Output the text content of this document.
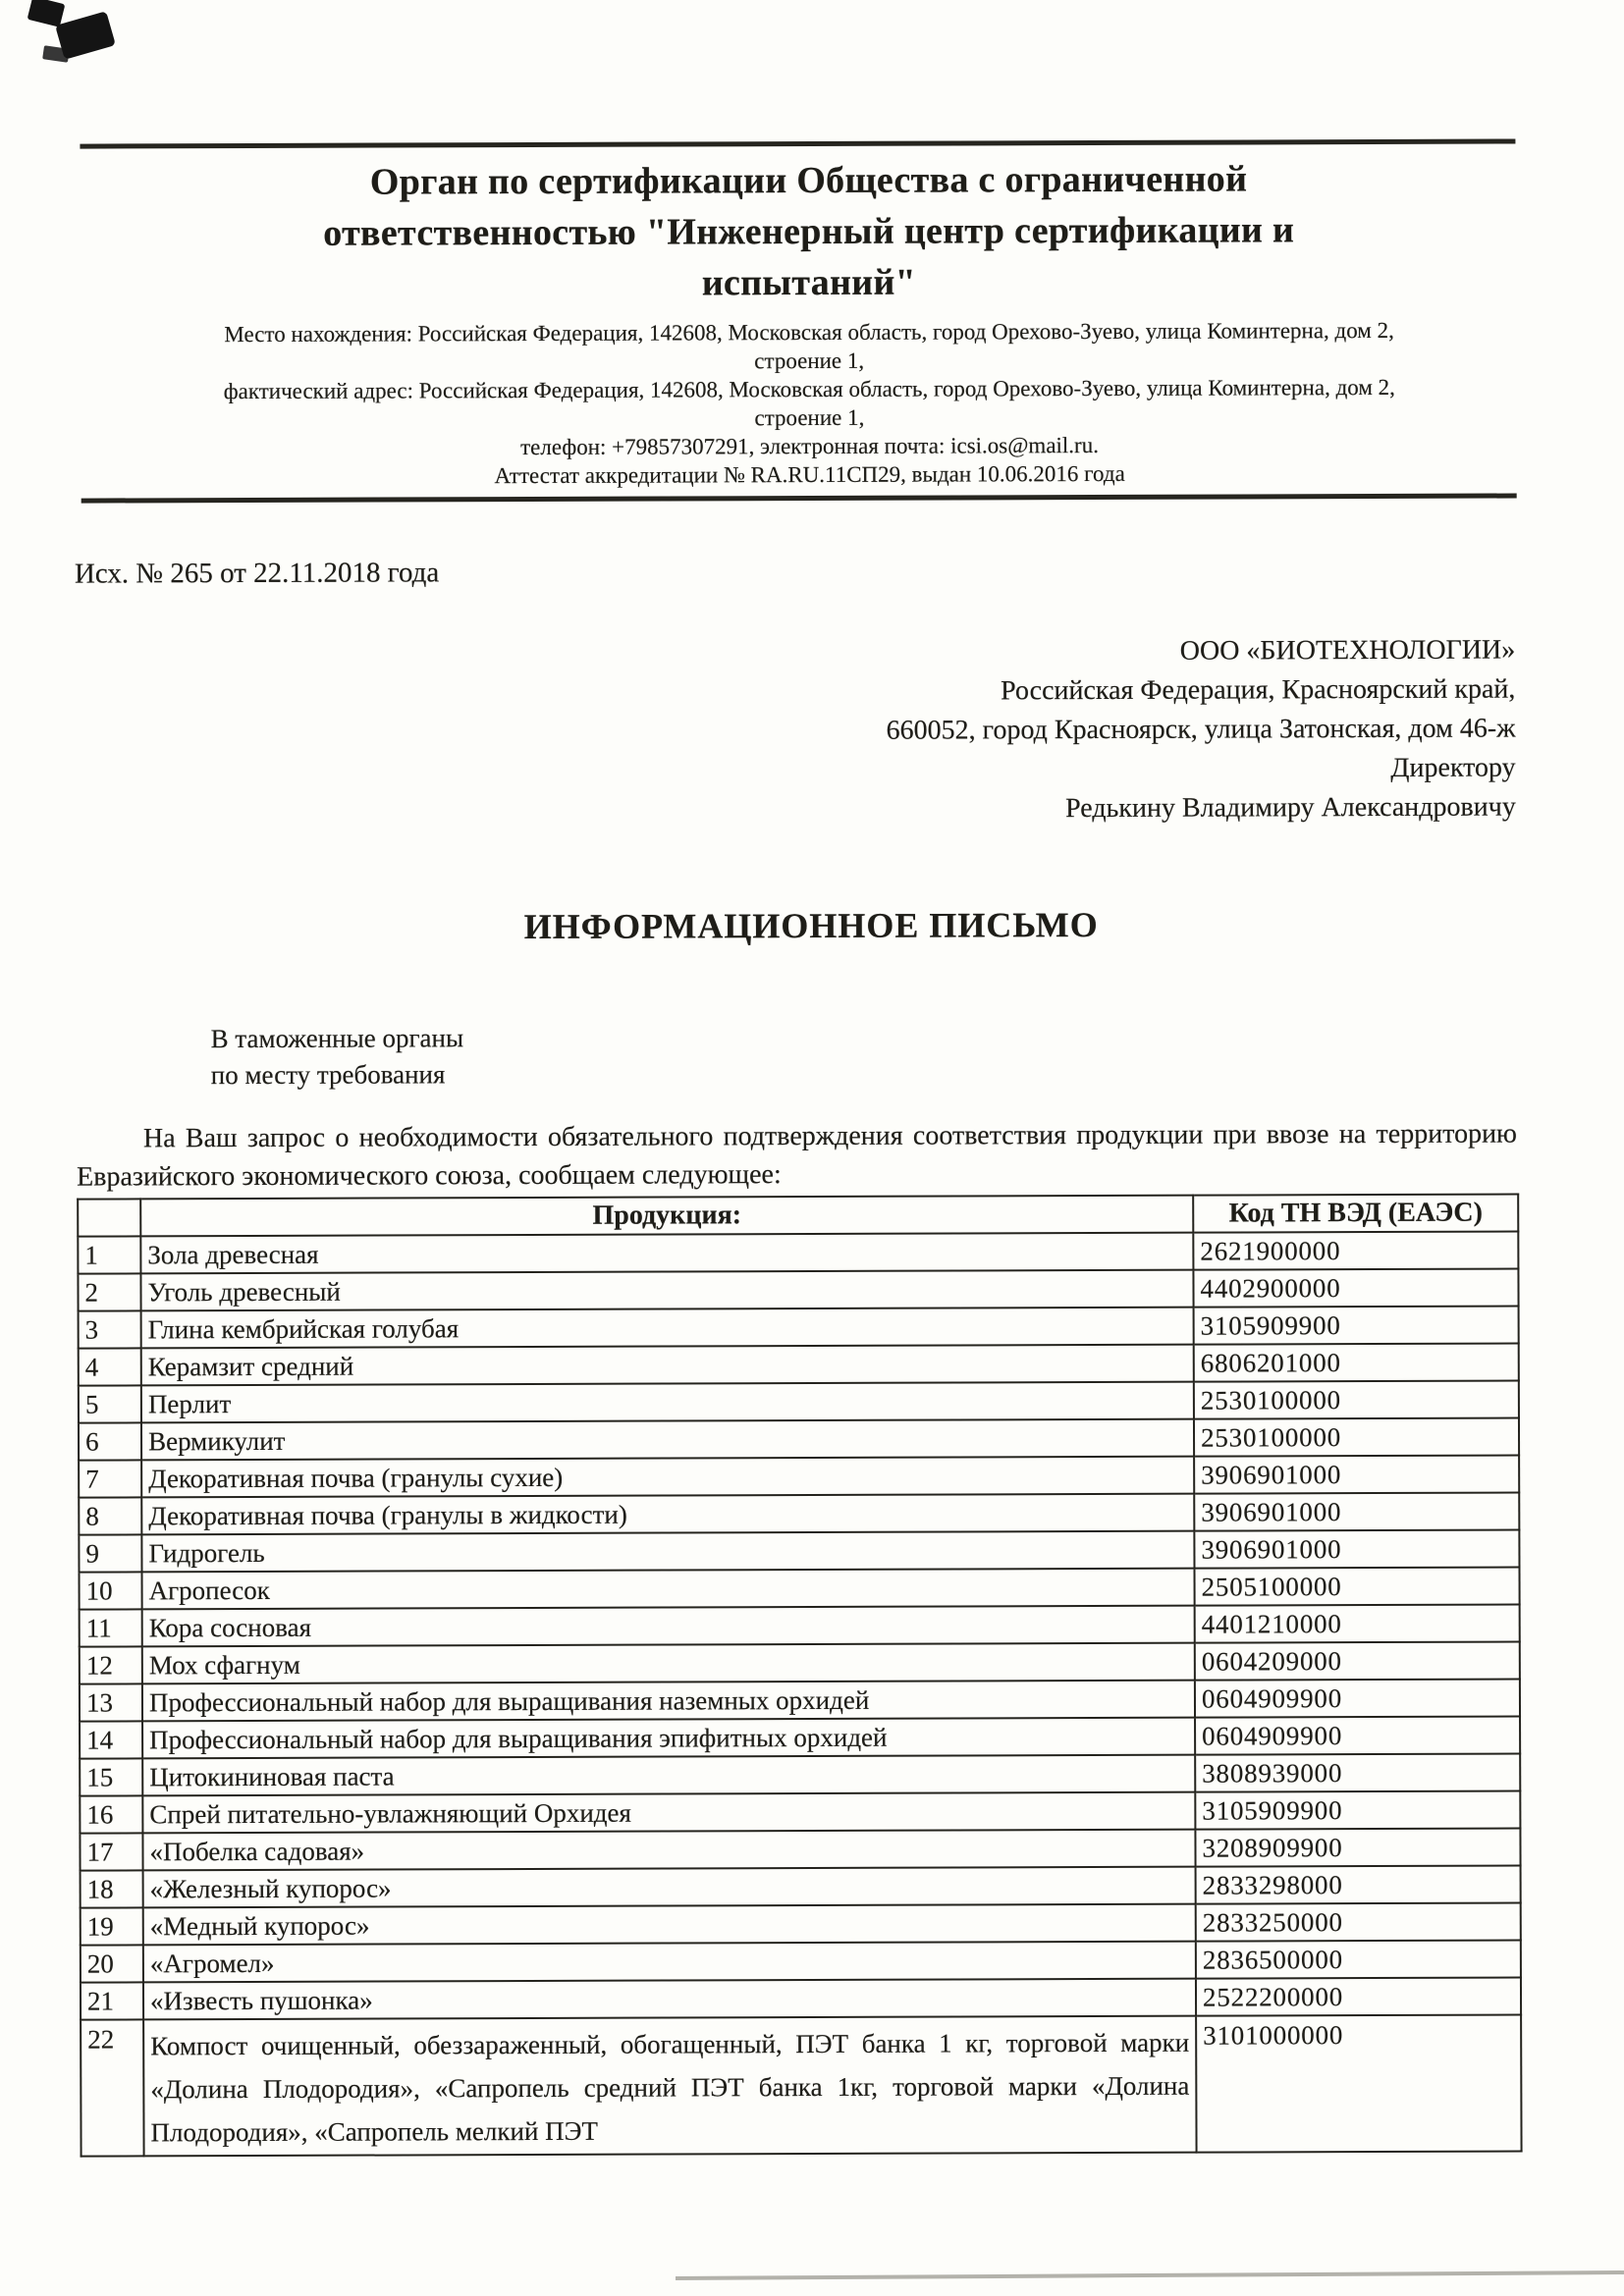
Орган по сертификации Общества с ограниченной
ответственностью "Инженерный центр сертификации и
испытаний"
Место нахождения: Российская Федерация, 142608, Московская область, город Орехово-Зуево, улица Коминтерна, дом 2,
строение 1,
фактический адрес: Российская Федерация, 142608, Московская область, город Орехово-Зуево, улица Коминтерна, дом 2,
строение 1,
телефон: +79857307291, электронная почта: icsi.os@mail.ru.
Аттестат аккредитации № RA.RU.11СП29, выдан 10.06.2016 года
Исх. № 265 от 22.11.2018 года
ООО «БИОТЕХНОЛОГИИ»
Российская Федерация, Красноярский край,
660052, город Красноярск, улица Затонская, дом 46-ж
Директору
Редькину Владимиру Александровичу
ИНФОРМАЦИОННОЕ ПИСЬМО
В таможенные органы
по месту требования
На Ваш запрос о необходимости обязательного подтверждения соответствия продукции при ввозе на территорию Евразийского экономического союза, сообщаем следующее:
	Продукция:	Код ТН ВЭД (ЕАЭС)
1	Зола древесная	2621900000
2	Уголь древесный	4402900000
3	Глина кембрийская голубая	3105909900
4	Керамзит средний	6806201000
5	Перлит	2530100000
6	Вермикулит	2530100000
7	Декоративная почва (гранулы сухие)	3906901000
8	Декоративная почва (гранулы в жидкости)	3906901000
9	Гидрогель	3906901000
10	Агропесок	2505100000
11	Кора сосновая	4401210000
12	Мох сфагнум	0604209000
13	Профессиональный набор для выращивания наземных орхидей	0604909900
14	Профессиональный набор для выращивания эпифитных орхидей	0604909900
15	Цитокининовая паста	3808939000
16	Спрей питательно-увлажняющий Орхидея	3105909900
17	«Побелка садовая»	3208909900
18	«Железный купорос»	2833298000
19	«Медный купорос»	2833250000
20	«Агромел»	2836500000
21	«Известь пушонка»	2522200000
22	Компост очищенный, обеззараженный, обогащенный, ПЭТ банка 1 кг, торговой марки «Долина Плодородия», «Сапропель средний ПЭТ банка 1кг, торговой марки «Долина Плодородия», «Сапропель мелкий ПЭТ	3101000000
